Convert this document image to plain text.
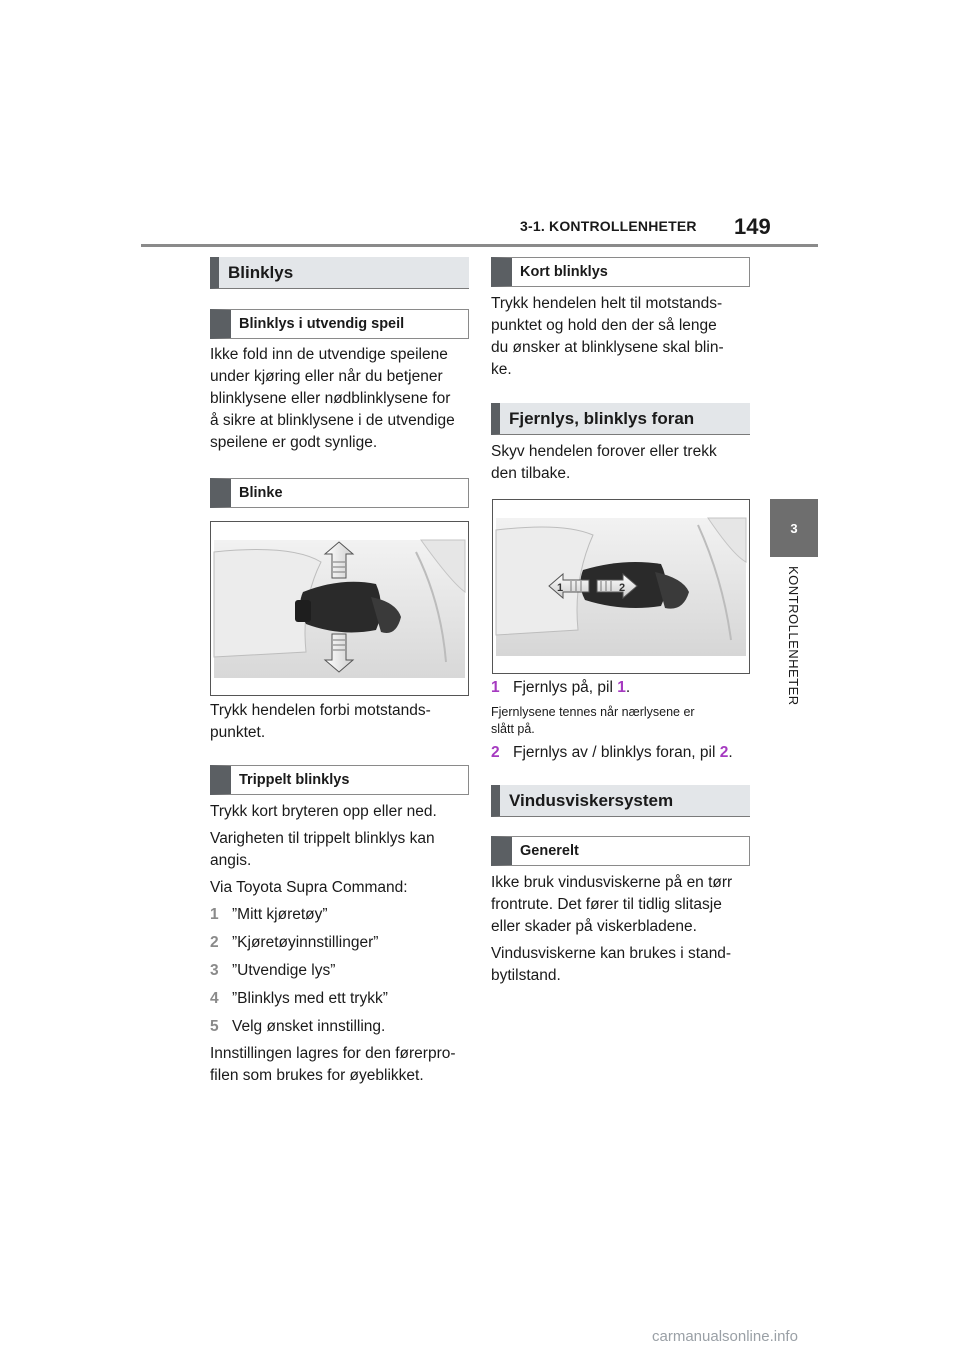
3-1. KONTROLLENHETER 149
3
KONTROLLENHETER
Blinklys
Blinklys i utvendig speil
Ikke fold inn de utvendige speilene
under kjøring eller når du betjener
blinklysene eller nødblinklysene for
å sikre at blinklysene i de utvendige
speilene er godt synlige.
Blinke
Trykk hendelen forbi motstands-
punktet.
Trippelt blinklys
Trykk kort bryteren opp eller ned.
Varigheten til trippelt blinklys kan
angis.
Via Toyota Supra Command:
1 ”Mitt kjøretøy”
2 ”Kjøretøyinnstillinger”
3 ”Utvendige lys”
4 ”Blinklys med ett trykk”
5 Velg ønsket innstilling.
Innstillingen lagres for den førerpro-
filen som brukes for øyeblikket.
Kort blinklys
Trykk hendelen helt til motstands-
punktet og hold den der så lenge
du ønsker at blinklysene skal blin-
ke.
Fjernlys, blinklys foran
Skyv hendelen forover eller trekk
den tilbake.
1	2
1 Fjernlys på, pil 1.
Fjernlysene tennes når nærlysene er
slått på.
2 Fjernlys av / blinklys foran, pil 2.
Vindusviskersystem
Generelt
Ikke bruk vindusviskerne på en tørr
frontrute. Det fører til tidlig slitasje
eller skader på viskerbladene.
Vindusviskerne kan brukes i stand-
bytilstand.
carmanualsonline.info
